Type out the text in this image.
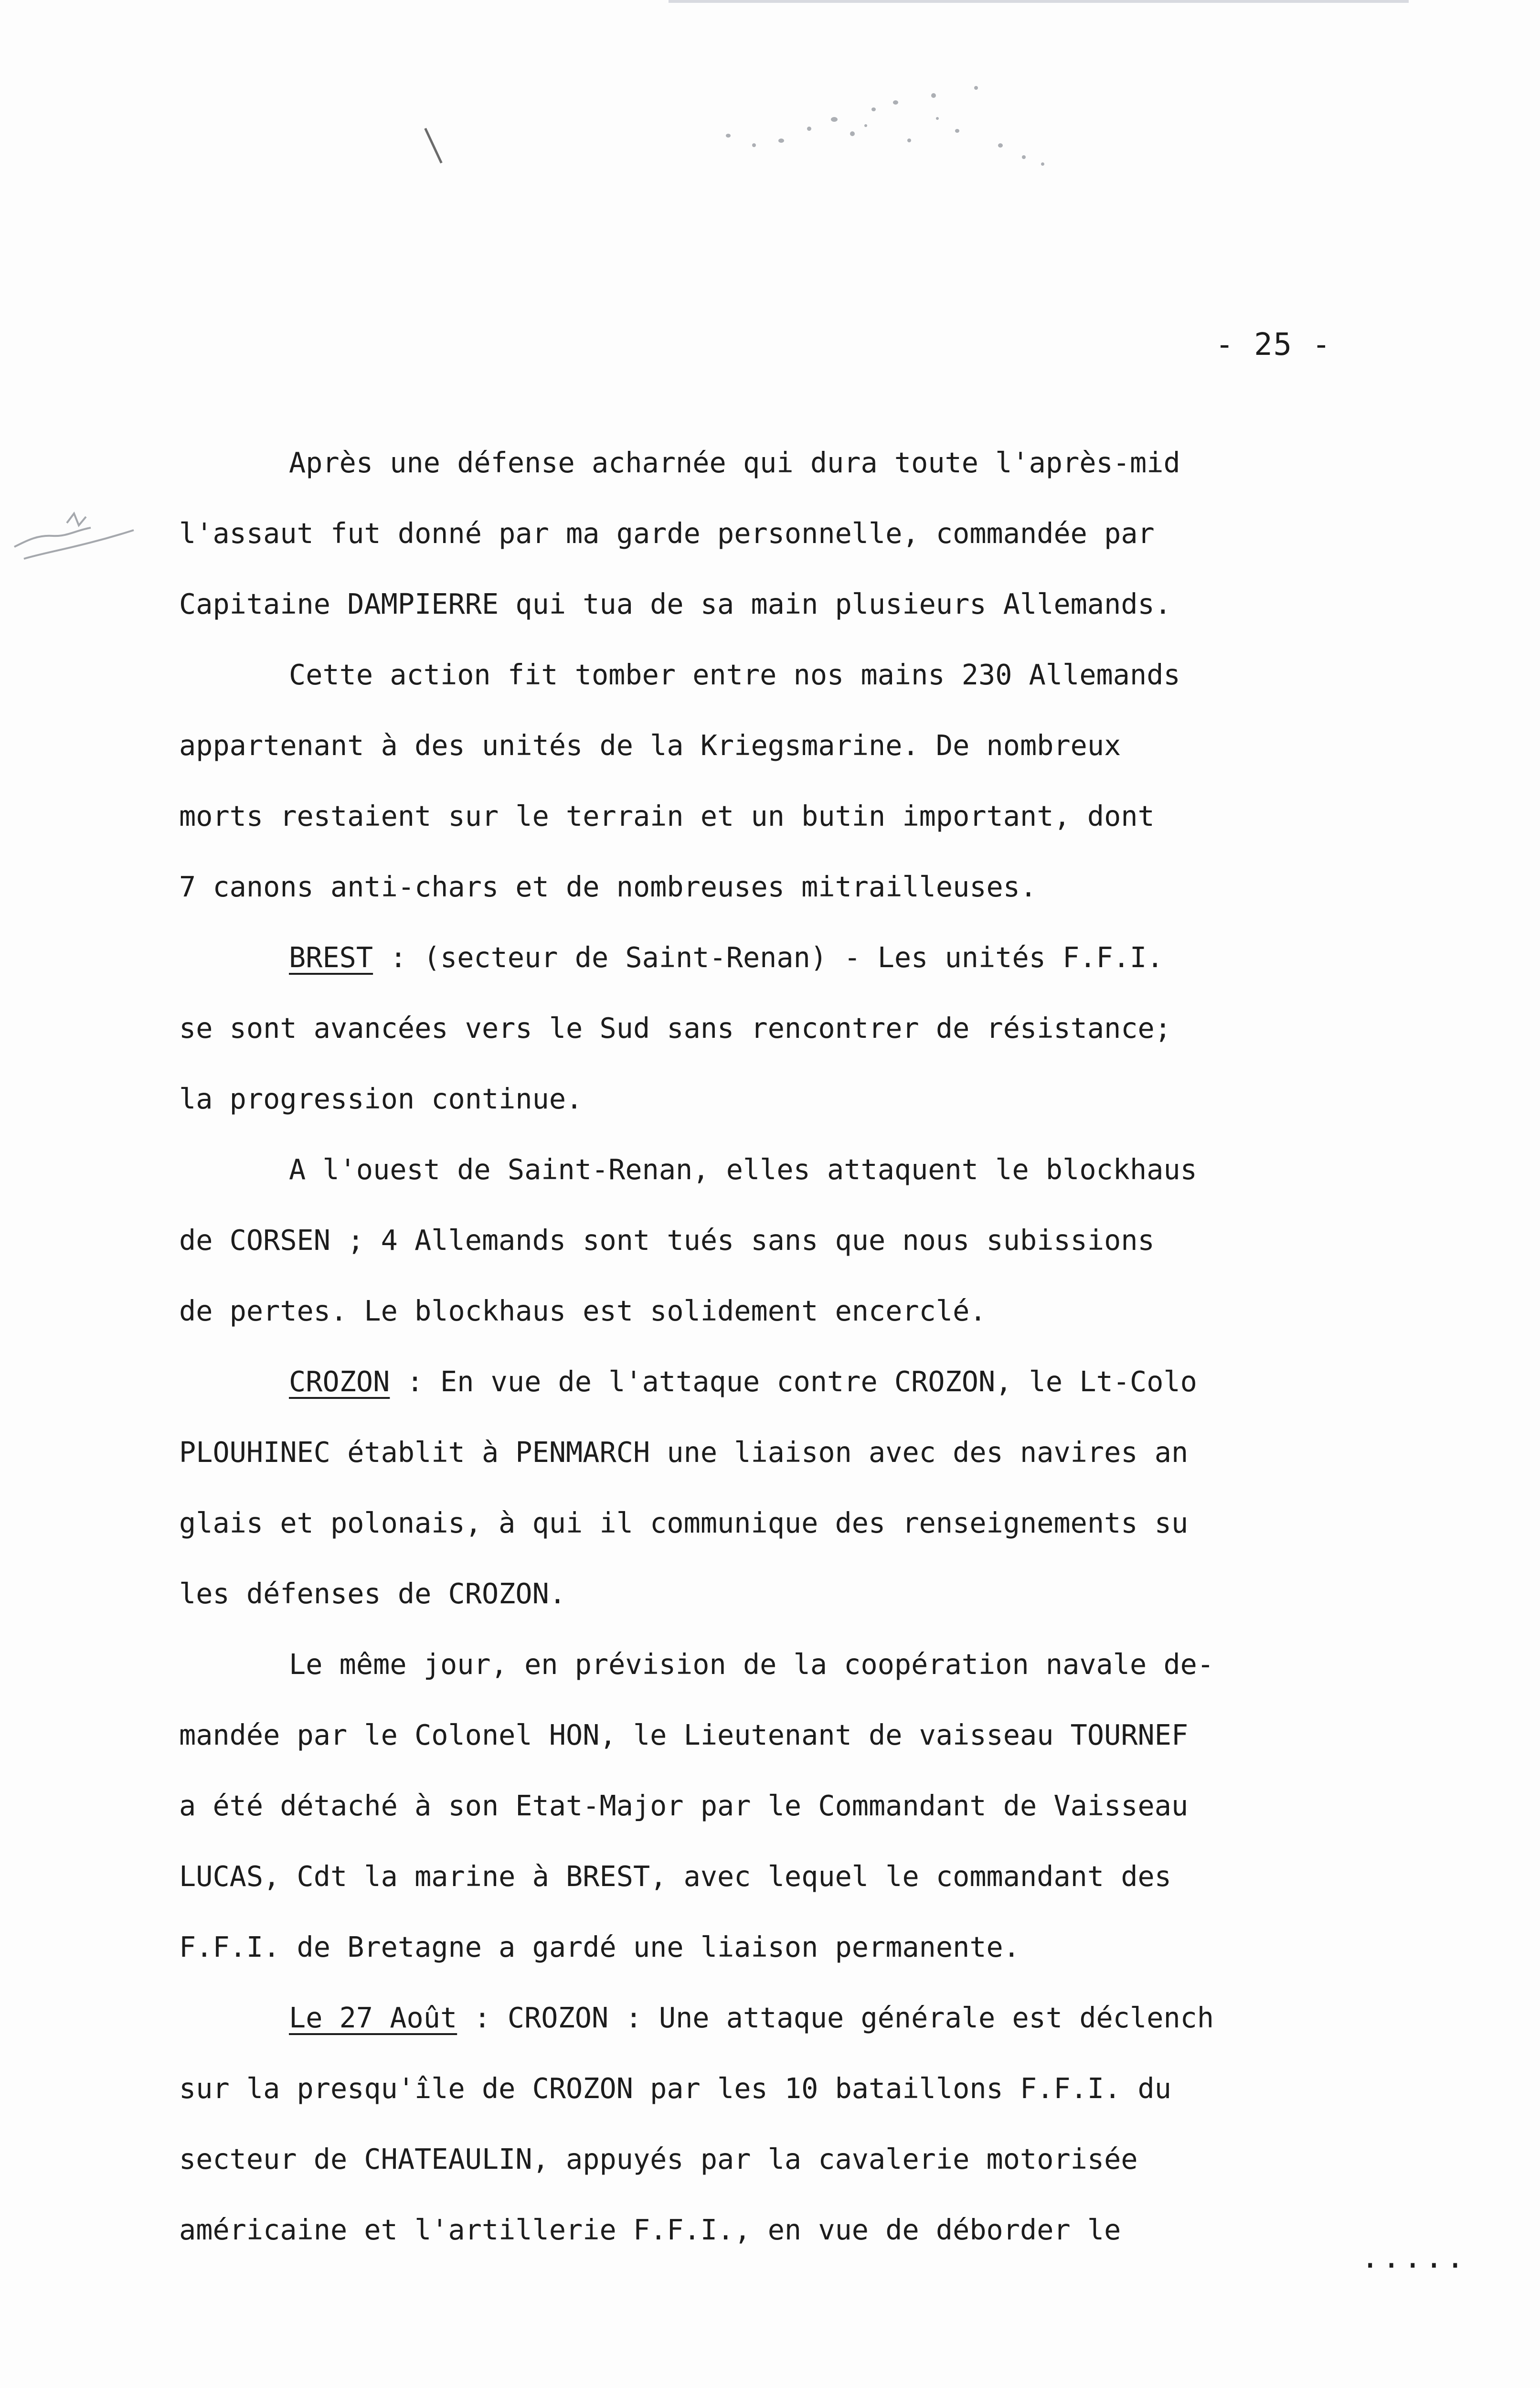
- 25 -
Après une défense acharnée qui dura toute l'après-mid
l'assaut fut donné par ma garde personnelle, commandée par
Capitaine DAMPIERRE qui tua de sa main plusieurs Allemands.
Cette action fit tomber entre nos mains 230 Allemands
appartenant à des unités de la Kriegsmarine. De nombreux
morts restaient sur le terrain et un butin important, dont
7 canons anti-chars et de nombreuses mitrailleuses.
BREST : (secteur de Saint-Renan) - Les unités F.F.I.
se sont avancées vers le Sud sans rencontrer de résistance;
la progression continue.
A l'ouest de Saint-Renan, elles attaquent le blockhaus
de CORSEN ; 4 Allemands sont tués sans que nous subissions
de pertes. Le blockhaus est solidement encerclé.
CROZON : En vue de l'attaque contre CROZON, le Lt-Colo
PLOUHINEC établit à PENMARCH une liaison avec des navires an
glais et polonais, à qui il communique des renseignements su
les défenses de CROZON.
Le même jour, en prévision de la coopération navale de-
mandée par le Colonel HON, le Lieutenant de vaisseau TOURNEF
a été détaché à son Etat-Major par le Commandant de Vaisseau
LUCAS, Cdt la marine à BREST, avec lequel le commandant des
F.F.I. de Bretagne a gardé une liaison permanente.
Le 27 Août : CROZON : Une attaque générale est déclench
sur la presqu'île de CROZON par les 10 bataillons F.F.I. du
secteur de CHATEAULIN, appuyés par la cavalerie motorisée
américaine et l'artillerie F.F.I., en vue de déborder le
.....
